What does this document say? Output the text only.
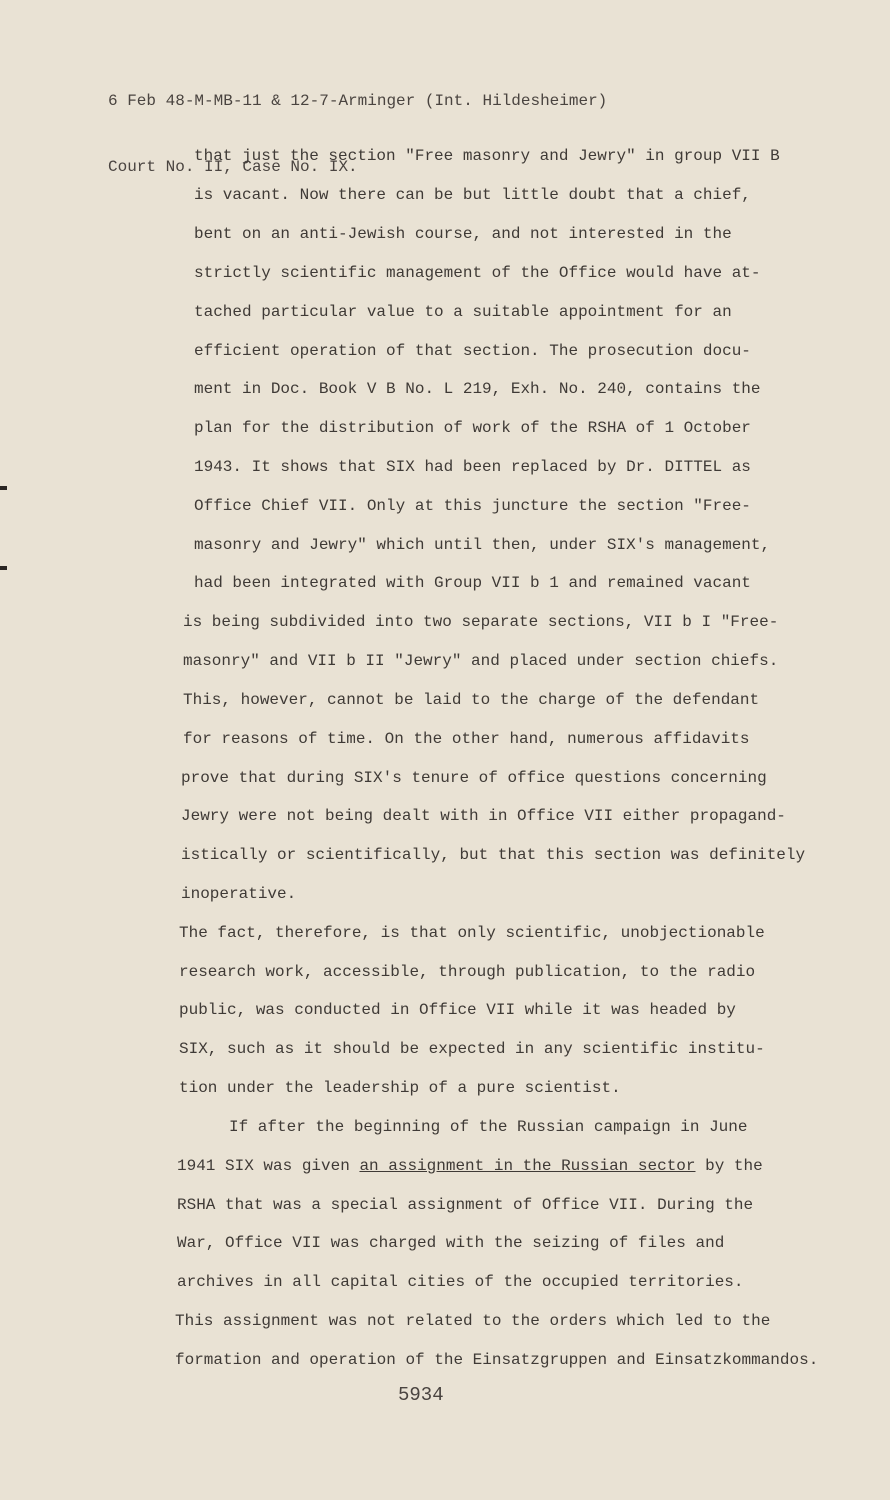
6 Feb 48-M-MB-11 & 12-7-Arminger (Int. Hildesheimer)

Court No. II, Case No. IX.

that just the section "Free masonry and Jewry" in group VII B
is vacant. Now there can be but little doubt that a chief,
bent on an anti-Jewish course, and not interested in the
strictly scientific management of the Office would have at-
tached particular value to a suitable appointment for an
efficient operation of that section. The prosecution docu-
ment in Doc. Book V B No. L 219, Exh. No. 240, contains the
plan for the distribution of work of the RSHA of 1 October
1943. It shows that SIX had been replaced by Dr. DITTEL as
Office Chief VII. Only at this juncture the section "Free-
masonry and Jewry" which until then, under SIX's management,
had been integrated with Group VII b 1 and remained vacant
is being subdivided into two separate sections, VII b I "Free-
masonry" and VII b II "Jewry" and placed under section chiefs.
This, however, cannot be laid to the charge of the defendant
for reasons of time. On the other hand, numerous affidavits
prove that during SIX's tenure of office questions concerning
Jewry were not being dealt with in Office VII either propagand-
istically or scientifically, but that this section was definitely
inoperative.
The fact, therefore, is that only scientific, unobjectionable
research work, accessible, through publication, to the radio
public, was conducted in Office VII while it was headed by
SIX, such as it should be expected in any scientific institu-
tion under the leadership of a pure scientist.
If after the beginning of the Russian campaign in June
1941 SIX was given an assignment in the Russian sector by the
RSHA that was a special assignment of Office VII. During the
War, Office VII was charged with the seizing of files and
archives in all capital cities of the occupied territories.
This assignment was not related to the orders which led to the
formation and operation of the Einsatzgruppen and Einsatzkommandos.
5934
